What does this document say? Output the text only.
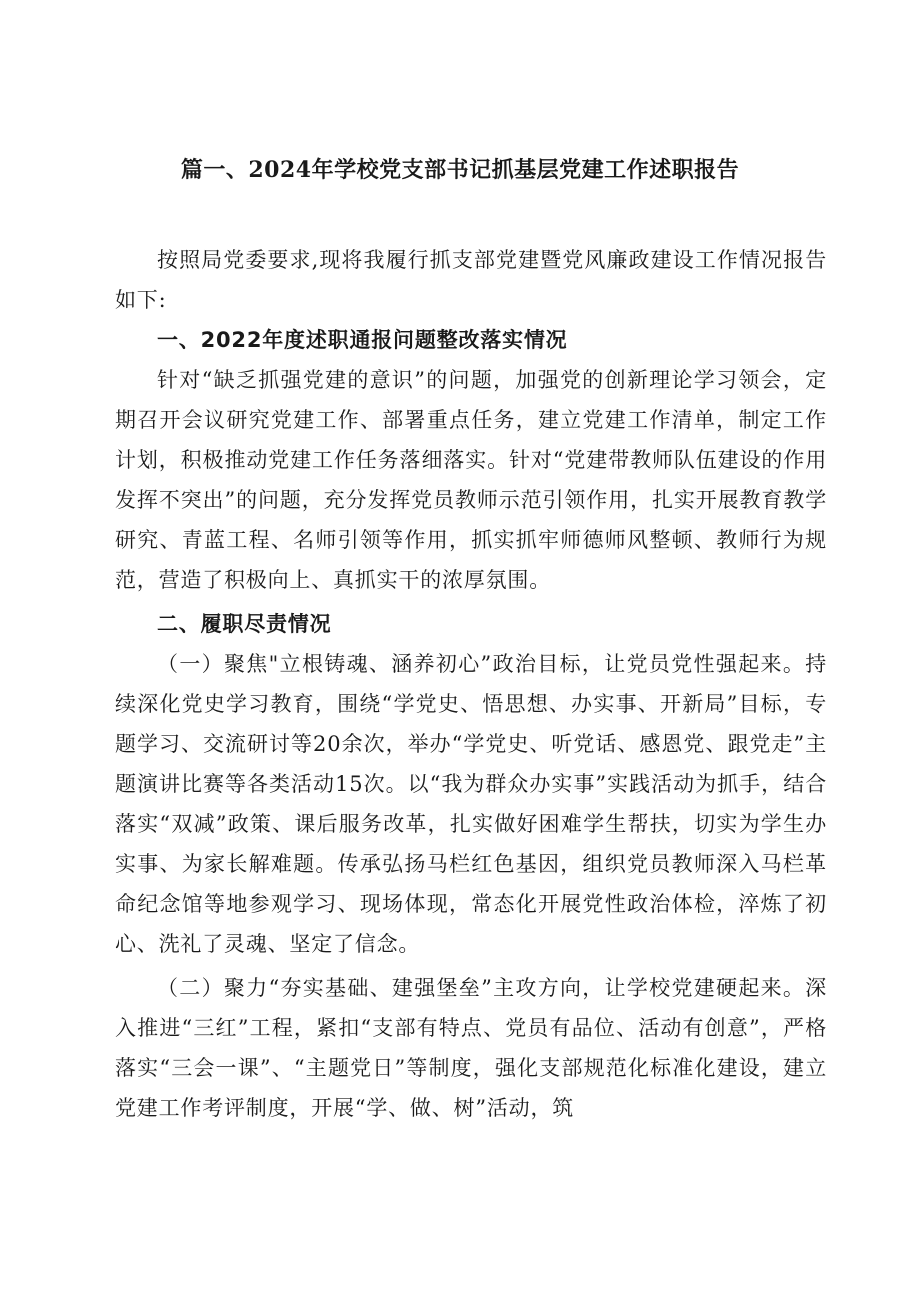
篇一、2024年学校党支部书记抓基层党建工作述职报告

按照局党委要求,现将我履行抓支部党建暨党风廉政建设工作情况报告如下:

一、2022年度述职通报问题整改落实情况

针对“缺乏抓强党建的意识”的问题，加强党的创新理论学习领会，定期召开会议研究党建工作、部署重点任务，建立党建工作清单，制定工作计划，积极推动党建工作任务落细落实。针对“党建带教师队伍建设的作用发挥不突出”的问题，充分发挥党员教师示范引领作用，扎实开展教育教学研究、青蓝工程、名师引领等作用，抓实抓牢师德师风整顿、教师行为规范，营造了积极向上、真抓实干的浓厚氛围。

二、履职尽责情况

（一）聚焦"立根铸魂、涵养初心”政治目标，让党员党性强起来。持续深化党史学习教育，围绕“学党史、悟思想、办实事、开新局”目标，专题学习、交流研讨等20余次，举办“学党史、听党话、感恩党、跟党走”主题演讲比赛等各类活动15次。以“我为群众办实事”实践活动为抓手，结合落实“双减”政策、课后服务改革，扎实做好困难学生帮扶，切实为学生办实事、为家长解难题。传承弘扬马栏红色基因，组织党员教师深入马栏革命纪念馆等地参观学习、现场体现，常态化开展党性政治体检，淬炼了初心、洗礼了灵魂、坚定了信念。

（二）聚力“夯实基础、建强堡垒”主攻方向，让学校党建硬起来。深入推进“三红”工程，紧扣“支部有特点、党员有品位、活动有创意”，严格落实“三会一课”、“主题党日”等制度，强化支部规范化标准化建设，建立党建工作考评制度，开展“学、做、树”活动，筑
